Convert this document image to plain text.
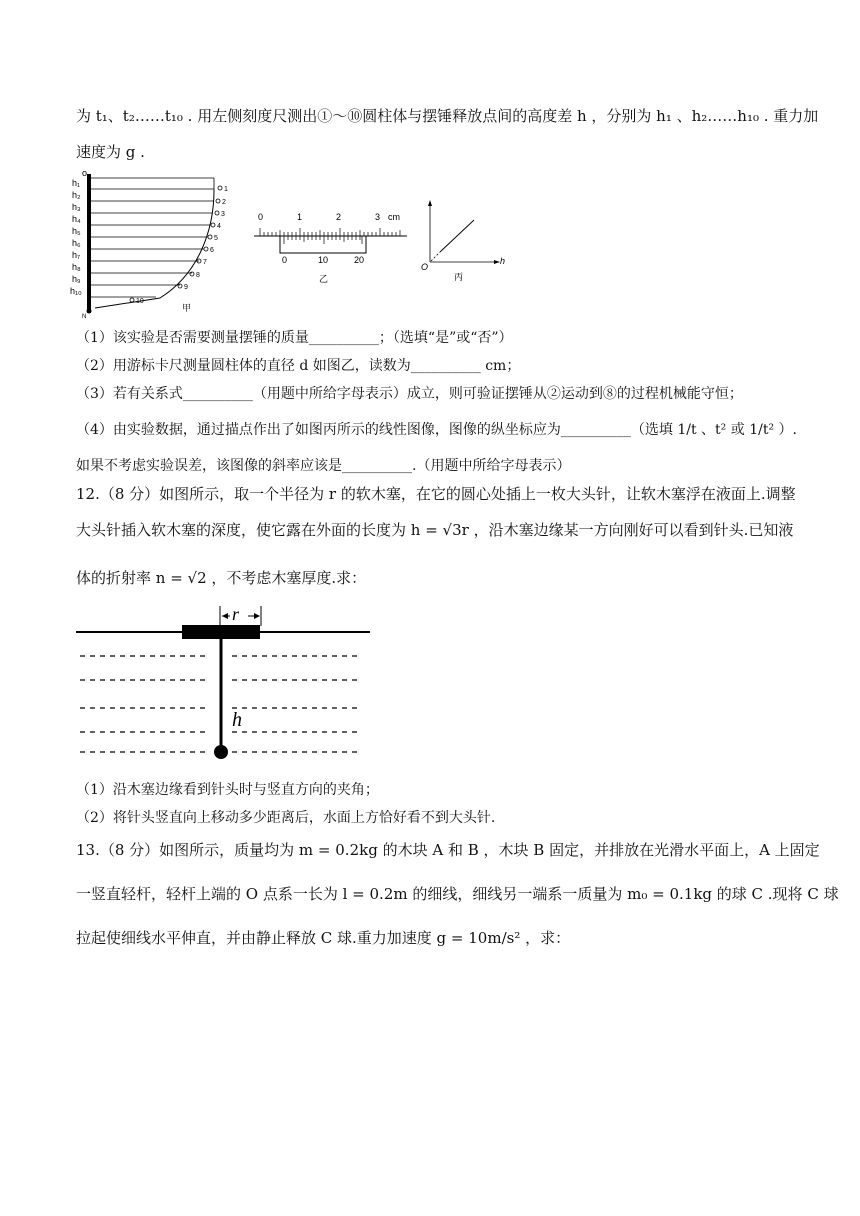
为 t₁、t₂……t₁₀ . 用左侧刻度尺测出①～⑩圆柱体与摆锤释放点间的高度差 h ，分别为 h₁ 、h₂……h₁₀ . 重力加
速度为 g .
o
h₁
h₂
h₃
h₄
h₅
h₆
h₇
h₈
h₉
h₁₀
1
2
3
4
5
6
7
8
9
10
N
甲
0	1	2	3 cm
0	10	20
乙
O
h
丙
（1）该实验是否需要测量摆锤的质量__________；（选填“是”或“否”）
（2）用游标卡尺测量圆柱体的直径 d 如图乙，读数为__________ cm；
（3）若有关系式__________（用题中所给字母表示）成立，则可验证摆锤从②运动到⑧的过程机械能守恒；
（4）由实验数据，通过描点作出了如图丙所示的线性图像，图像的纵坐标应为__________（选填 1/t 、t² 或 1/t² ）.
如果不考虑实验误差，该图像的斜率应该是__________.（用题中所给字母表示）
12.（8 分）如图所示，取一个半径为 r 的软木塞，在它的圆心处插上一枚大头针，让软木塞浮在液面上.调整
大头针插入软木塞的深度，使它露在外面的长度为 h = √3r ，沿木塞边缘某一方向刚好可以看到针头.已知液
体的折射率 n = √2 ，不考虑木塞厚度.求：
r
h
（1）沿木塞边缘看到针头时与竖直方向的夹角；
（2）将针头竖直向上移动多少距离后，水面上方恰好看不到大头针.
13.（8 分）如图所示，质量均为 m = 0.2kg 的木块 A 和 B ，木块 B 固定，并排放在光滑水平面上，A 上固定
一竖直轻杆，轻杆上端的 O 点系一长为 l = 0.2m 的细线，细线另一端系一质量为 m₀ = 0.1kg 的球 C .现将 C 球
拉起使细线水平伸直，并由静止释放 C 球.重力加速度 g = 10m/s² ，求：
